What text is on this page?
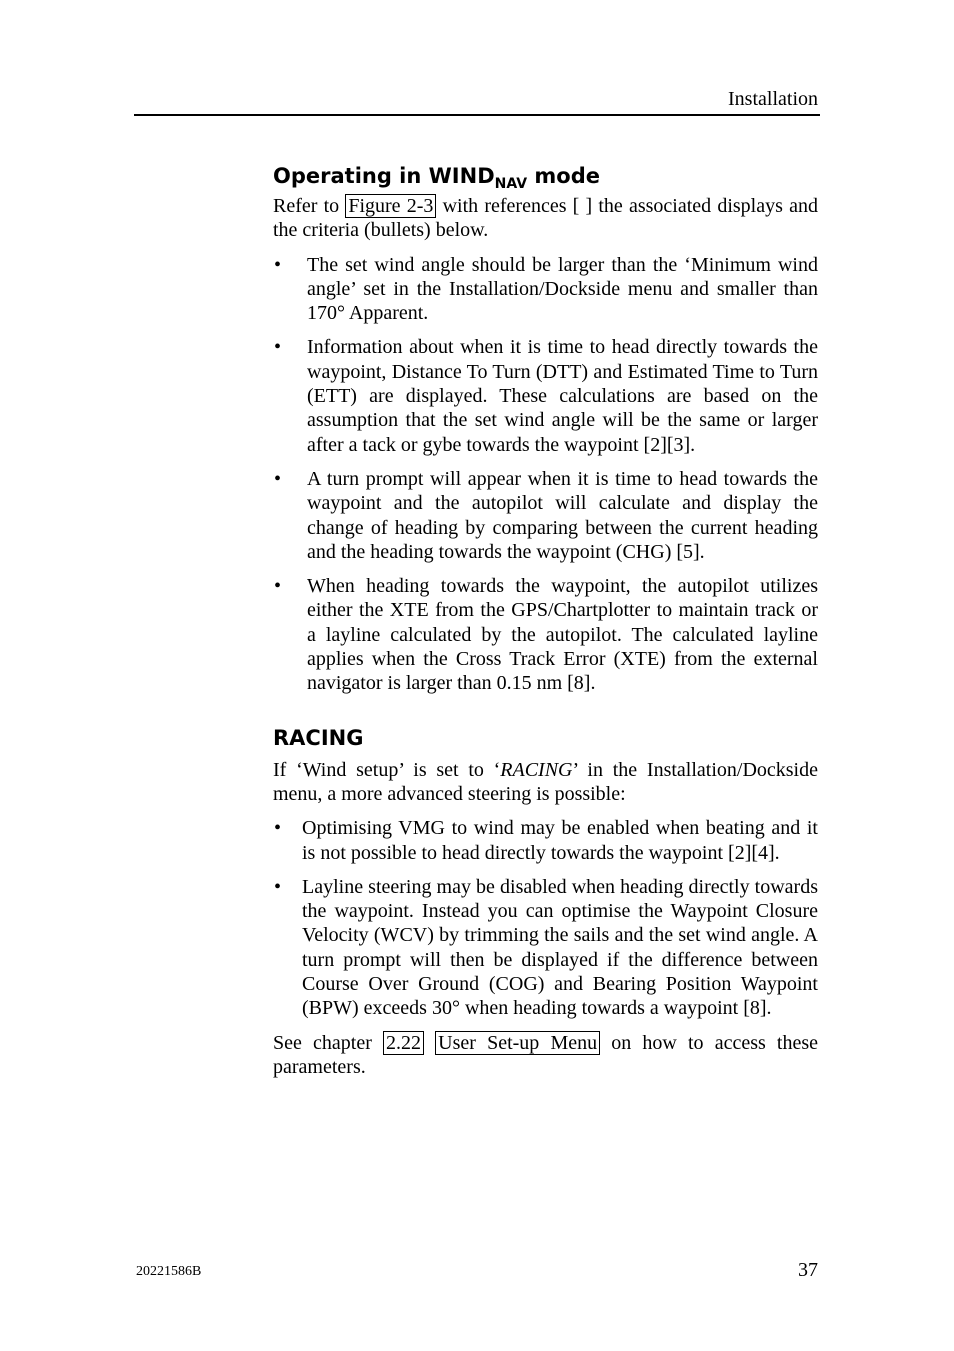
Installation
Operating in $WIND_{NAV}$ mode

Refer to Figure 2-3 with references [ ] the associated displays and the criteria (bullets) below.

• The set wind angle should be larger than the ‘Minimum wind angle’ set in the Installation/Dockside menu and smaller than 170° Apparent.
• Information about when it is time to head directly towards the waypoint, Distance To Turn (DTT) and Estimated Time to Turn (ETT) are displayed. These calculations are based on the assumption that the set wind angle will be the same or larger after a tack or gybe towards the waypoint [2][3].
• A turn prompt will appear when it is time to head towards the waypoint and the autopilot will calculate and display the change of heading by comparing between the current heading and the heading towards the waypoint (CHG) [5].
• When heading towards the waypoint, the autopilot utilizes either the XTE from the GPS/Chartplotter to maintain track or a layline calculated by the autopilot. The calculated layline applies when the Cross Track Error (XTE) from the external navigator is larger than 0.15 nm [8].
RACING

If ‘Wind setup’ is set to ‘RACING’ in the Installation/Dockside menu, a more advanced steering is possible:

• Optimising VMG to wind may be enabled when beating and it is not possible to head directly towards the waypoint [2][4].
• Layline steering may be disabled when heading directly towards the waypoint. Instead you can optimise the Waypoint Closure Velocity (WCV) by trimming the sails and the set wind angle. A turn prompt will then be displayed if the difference between Course Over Ground (COG) and Bearing Position Waypoint (BPW) exceeds 30° when heading towards a waypoint [8].

See chapter 2.22 User Set-up Menu on how to access these parameters.

20221586B	37
